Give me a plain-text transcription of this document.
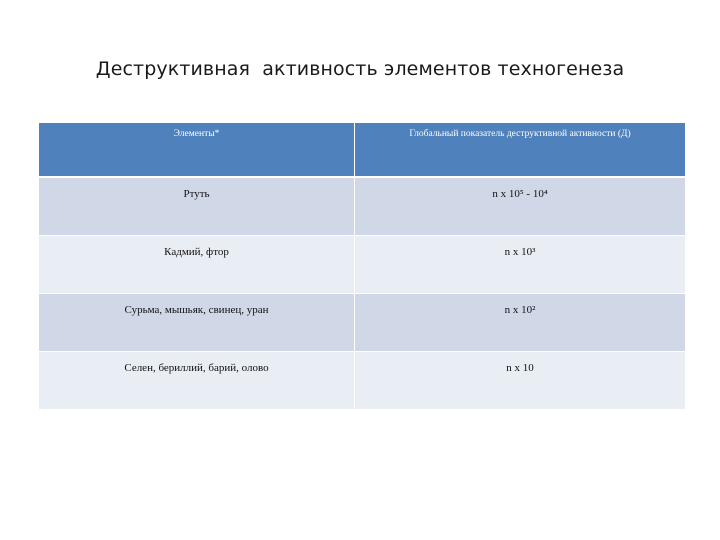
Деструктивная  активность элементов техногенеза
Элементы*	Глобальный показатель деструктивной активности (Д)
Ртуть	n x 10⁵ - 10⁴
Кадмий, фтор	n x 10³
Сурьма, мышьяк, свинец, уран	n x 10²
Селен, бериллий, барий, олово	n x 10
